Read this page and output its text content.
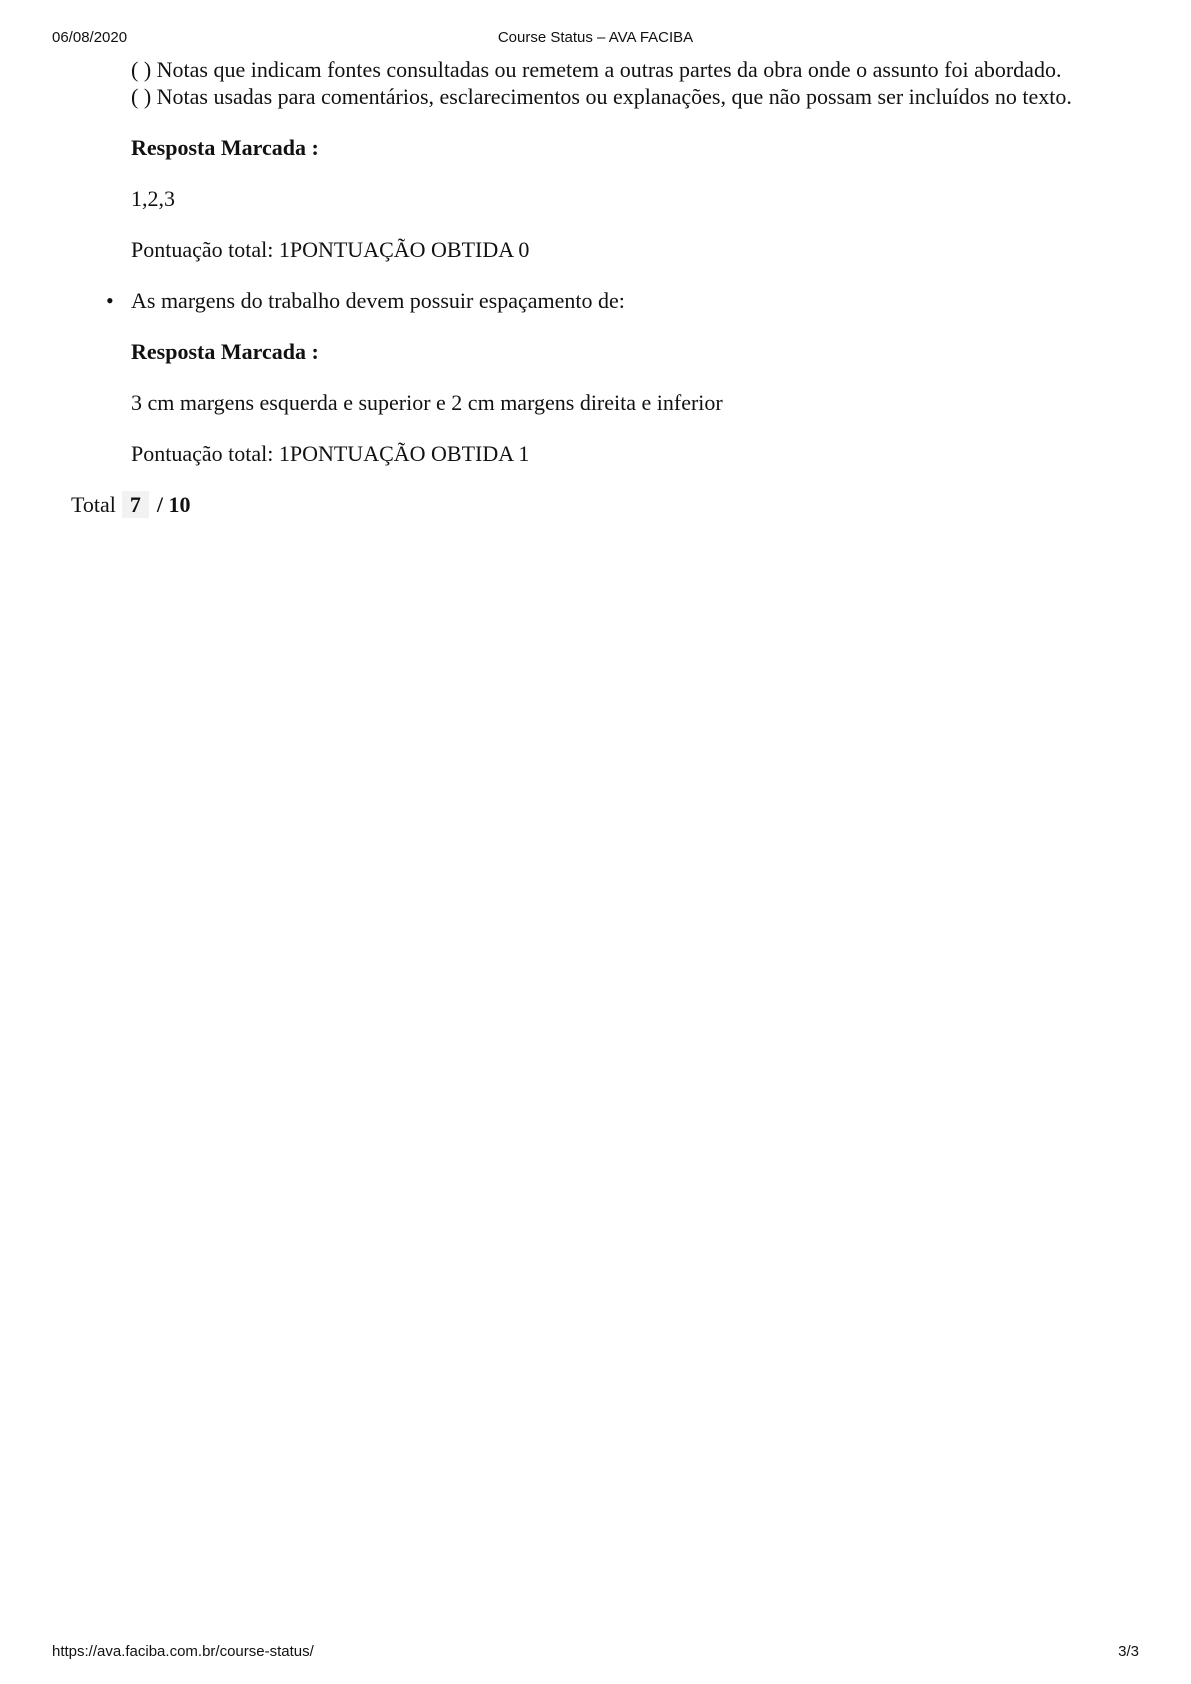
06/08/2020	Course Status – AVA FACIBA

( ) Notas que indicam fontes consultadas ou remetem a outras partes da obra onde o assunto foi abordado.

( ) Notas usadas para comentários, esclarecimentos ou explanações, que não possam ser incluídos no texto.

Resposta Marcada :

1,2,3

Pontuação total: 1PONTUAÇÃO OBTIDA 0

• As margens do trabalho devem possuir espaçamento de:

Resposta Marcada :

3 cm margens esquerda e superior e 2 cm margens direita e inferior

Pontuação total: 1PONTUAÇÃO OBTIDA 1

Total 7 / 10
https://ava.faciba.com.br/course-status/	3/3
